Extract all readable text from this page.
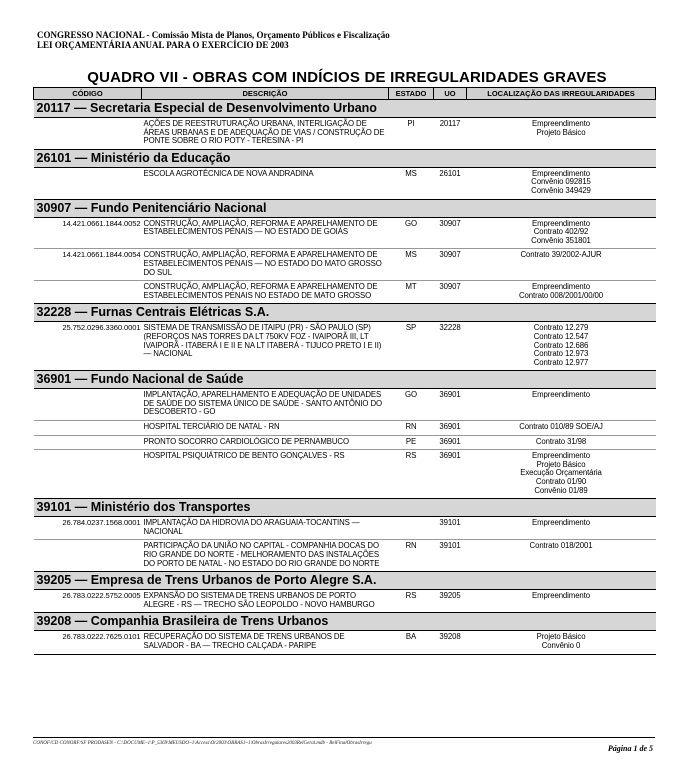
CONGRESSO NACIONAL - Comissão Mista de Planos, Orçamento Públicos e Fiscalização
LEI ORÇAMENTÁRIA ANUAL PARA O EXERCÍCIO DE 2003
QUADRO VII - OBRAS COM INDÍCIOS DE IRREGULARIDADES GRAVES
CÓDIGO	DESCRIÇÃO	ESTADO	UO	LOCALIZAÇÃO DAS IRREGULARIDADES
20117 — Secretaria Especial de Desenvolvimento Urbano				
	AÇÕES DE REESTRUTURAÇÃO URBANA, INTERLIGAÇÃO DE ÁREAS URBANAS E DE ADEQUAÇÃO DE VIAS / CONSTRUÇÃO DE PONTE SOBRE O RIO POTY - TERESINA - PI	PI	20117	Empreendimento
Projeto Básico

26101 — Ministério da Educação				
	ESCOLA AGROTÉCNICA DE NOVA ANDRADINA	MS	26101	Empreendimento
Convênio 092815
Convênio 349429

30907 — Fundo Penitenciário Nacional				
14.421.0661.1844.0052	CONSTRUÇÃO, AMPLIAÇÃO, REFORMA E APARELHAMENTO DE ESTABELECIMENTOS PENAIS — NO ESTADO DE GOIÁS	GO	30907	Empreendimento
Contrato 402/92
Convênio 351801

14.421.0661.1844.0054	CONSTRUÇÃO, AMPLIAÇÃO, REFORMA E APARELHAMENTO DE ESTABELECIMENTOS PENAIS — NO ESTADO DO MATO GROSSO DO SUL	MS	30907	Contrato 39/2002-AJUR

	CONSTRUÇÃO, AMPLIAÇÃO, REFORMA E APARELHAMENTO DE ESTABELECIMENTOS PENAIS NO ESTADO DE MATO GROSSO	MT	30907	Empreendimento
Contrato 008/2001/00/00

32228 — Furnas Centrais Elétricas S.A.				
25.752.0296.3360.0001	SISTEMA DE TRANSMISSÃO DE ITAIPU (PR) - SÃO PAULO (SP) (REFORÇOS NAS TORRES DA LT 750KV FOZ - IVAIPORÃ III, LT IVAIPORÃ - ITABERÁ I E II E NA LT ITABERÁ - TIJUCO PRETO I E II) — NACIONAL	SP	32228	Contrato 12.279
Contrato 12.547
Contrato 12.686
Contrato 12.973
Contrato 12.977

36901 — Fundo Nacional de Saúde				
	IMPLANTAÇÃO, APARELHAMENTO E ADEQUAÇÃO DE UNIDADES DE SAÚDE DO SISTEMA ÚNICO DE SAÚDE - SANTO ANTÔNIO DO DESCOBERTO - GO	GO	36901	Empreendimento

	HOSPITAL TERCIÁRIO DE NATAL - RN	RN	36901	Contrato 010/89 SOE/AJ

	PRONTO SOCORRO CARDIOLÓGICO DE PERNAMBUCO	PE	36901	Contrato 31/98

	HOSPITAL PSIQUIÁTRICO DE BENTO GONÇALVES - RS	RS	36901	Empreendimento
Projeto Básico
Execução Orçamentária
Contrato 01/90
Convênio 01/89

39101 — Ministério dos Transportes				
26.784.0237.1568.0001	IMPLANTAÇÃO DA HIDROVIA DO ARAGUAIA-TOCANTINS — NACIONAL		39101	Empreendimento

	PARTICIPAÇÃO DA UNIÃO NO CAPITAL - COMPANHIA DOCAS DO RIO GRANDE DO NORTE - MELHORAMENTO DAS INSTALAÇÕES DO PORTO DE NATAL - NO ESTADO DO RIO GRANDE DO NORTE	RN	39101	Contrato 018/2001

39205 — Empresa de Trens Urbanos de Porto Alegre S.A.				
26.783.0222.5752.0005	EXPANSÃO DO SISTEMA DE TRENS URBANOS DE PORTO ALEGRE - RS — TRECHO SÃO LEOPOLDO - NOVO HAMBURGO	RS	39205	Empreendimento

39208 — Companhia Brasileira de Trens Urbanos				
26.783.0222.7625.0101	RECUPERAÇÃO DO SISTEMA DE TRENS URBANOS DE SALVADOR - BA — TRECHO CALÇADA - PARIPE	BA	39208	Projeto Básico
Convênio 0
CONOF/CD CONORF/SF PRODASEN - C:\DOCUME~1\P_5369\MEUSDO~1\Access\Or2003\OBRAS1~1\ObrasIrregulares2003RelGeral.mdb - RelFinalObrasIrregu
Página 1 de 5
